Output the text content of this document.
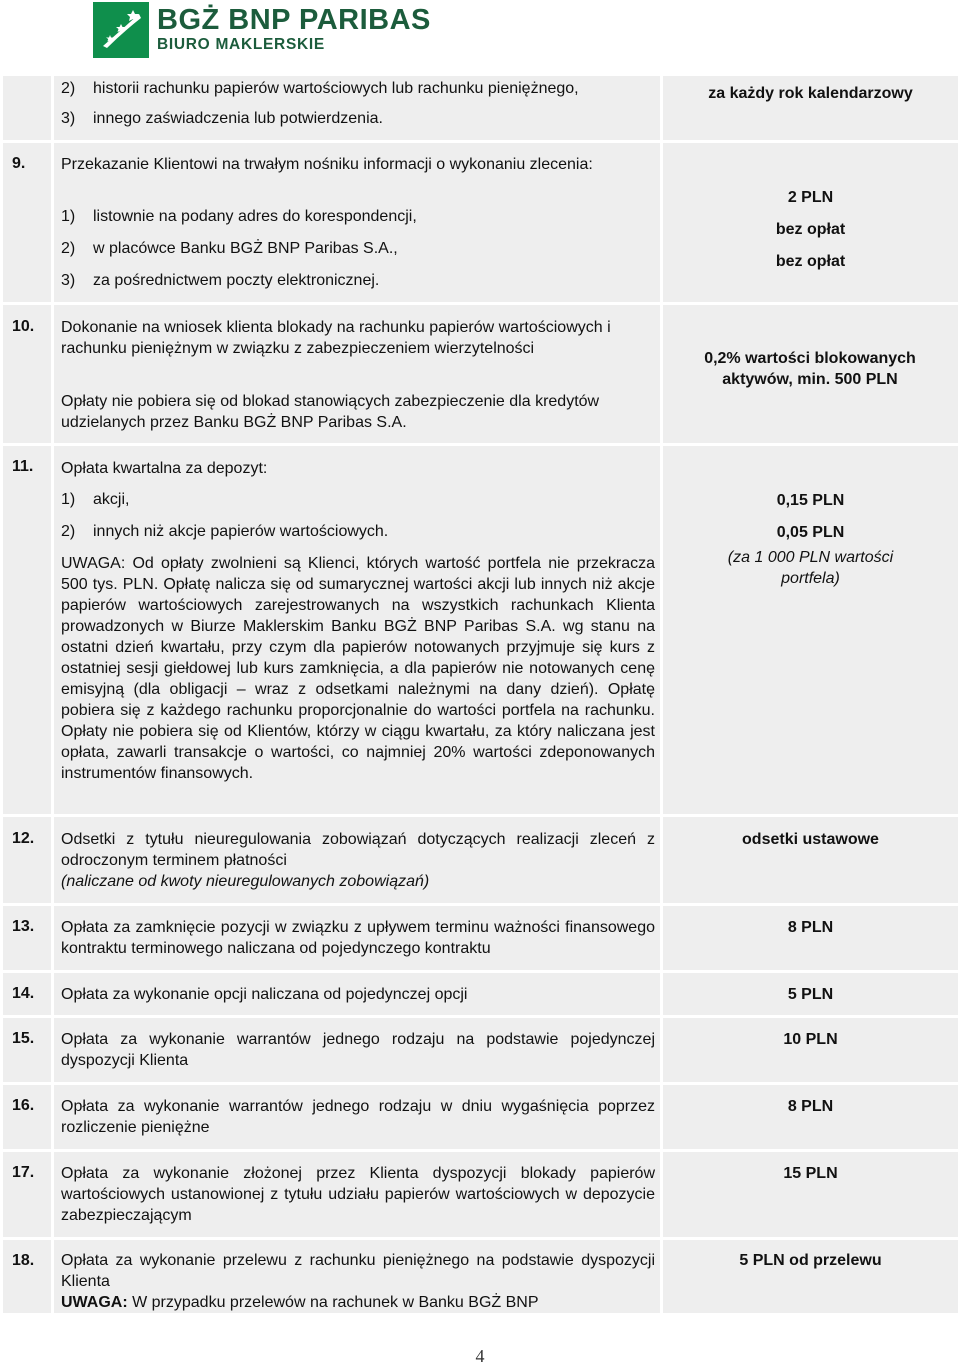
BGŻ BNP PARIBAS
BIURO MAKLERSKIE
2) historii rachunku papierów wartościowych lub rachunku pieniężnego,
3) innego zaświadczenia lub potwierdzenia.
za każdy rok kalendarzowy
9. Przekazanie Klientowi na trwałym nośniku informacji o wykonaniu zlecenia:
1) listownie na podany adres do korespondencji,
2) w placówce Banku BGŻ BNP Paribas S.A.,
3) za pośrednictwem poczty elektronicznej.
2 PLN
bez opłat
bez opłat
10. Dokonanie na wniosek klienta blokady na rachunku papierów wartościowych i rachunku pieniężnym w związku z zabezpieczeniem wierzytelności
Opłaty nie pobiera się od blokad stanowiących zabezpieczenie dla kredytów udzielanych przez Banku BGŻ BNP Paribas S.A.
0,2% wartości blokowanych aktywów, min. 500 PLN
11. Opłata kwartalna za depozyt:
1) akcji,
2) innych niż akcje papierów wartościowych.
UWAGA: Od opłaty zwolnieni są Klienci, których wartość portfela nie przekracza 500 tys. PLN. Opłatę nalicza się od sumarycznej wartości akcji lub innych niż akcje papierów wartościowych zarejestrowanych na wszystkich rachunkach Klienta prowadzonych w Biurze Maklerskim Banku BGŻ BNP Paribas S.A. wg stanu na ostatni dzień kwartału, przy czym dla papierów notowanych przyjmuje się kurs z ostatniej sesji giełdowej lub kurs zamknięcia, a dla papierów nie notowanych cenę emisyjną (dla obligacji – wraz z odsetkami należnymi na dany dzień). Opłatę pobiera się z każdego rachunku proporcjonalnie do wartości portfela na rachunku. Opłaty nie pobiera się od Klientów, którzy w ciągu kwartału, za który naliczana jest opłata, zawarli transakcje o wartości, co najmniej 20% wartości zdeponowanych instrumentów finansowych.
0,15 PLN
0,05 PLN
(za 1 000 PLN wartości portfela)
12. Odsetki z tytułu nieuregulowania zobowiązań dotyczących realizacji zleceń z odroczonym terminem płatności
(naliczane od kwoty nieuregulowanych zobowiązań)
odsetki ustawowe
13. Opłata za zamknięcie pozycji w związku z upływem terminu ważności finansowego kontraktu terminowego naliczana od pojedynczego kontraktu
8 PLN
14. Opłata za wykonanie opcji naliczana od pojedynczej opcji	5 PLN
15. Opłata za wykonanie warrantów jednego rodzaju na podstawie pojedynczej dyspozycji Klienta
10 PLN
16. Opłata za wykonanie warrantów jednego rodzaju w dniu wygaśnięcia poprzez rozliczenie pieniężne
8 PLN
17. Opłata za wykonanie złożonej przez Klienta dyspozycji blokady papierów wartościowych ustanowionej z tytułu udziału papierów wartościowych w depozycie zabezpieczającym
15 PLN
18. Opłata za wykonanie przelewu z rachunku pieniężnego na podstawie dyspozycji Klienta
UWAGA: W przypadku przelewów na rachunek w Banku BGŻ BNP
5 PLN od przelewu
4
